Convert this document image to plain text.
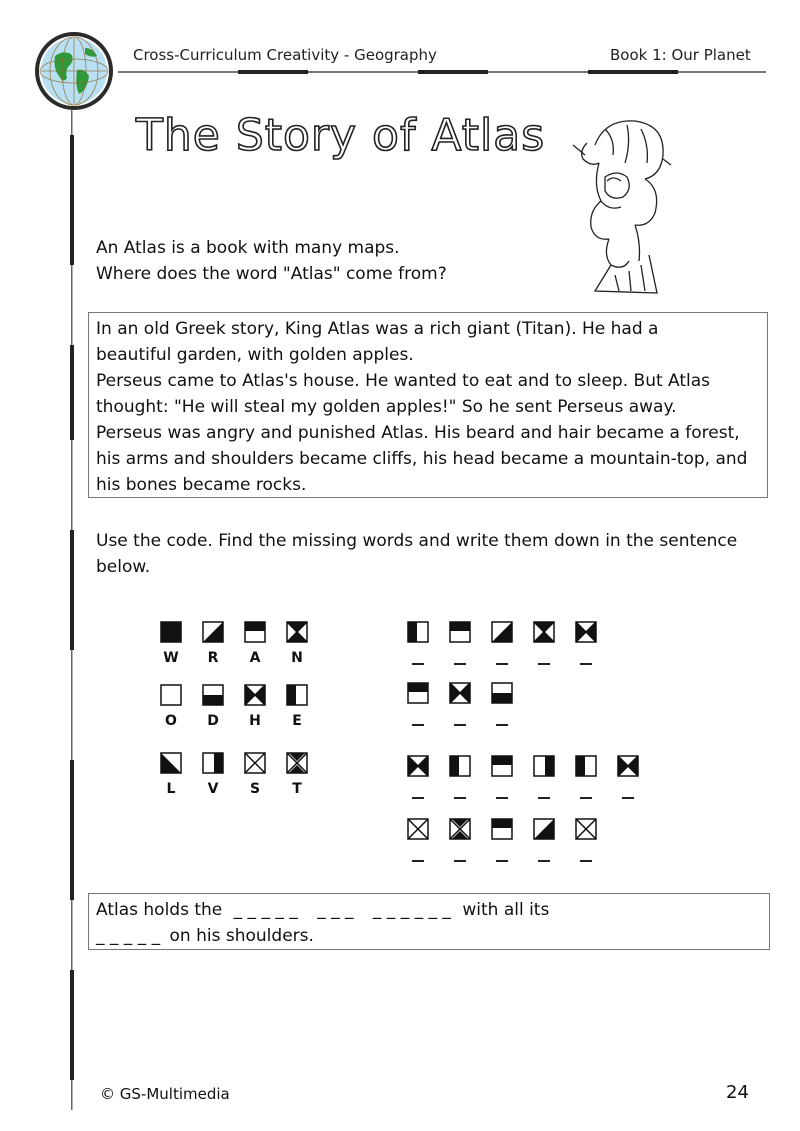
Cross-Curriculum Creativity - Geography	Book 1: Our Planet
The Story of Atlas
An Atlas is a book with many maps.
Where does the word "Atlas" come from?

In an old Greek story, King Atlas was a rich giant (Titan). He had a

beautiful garden, with golden apples.

Perseus came to Atlas's house. He wanted to eat and to sleep. But Atlas

thought: "He will steal my golden apples!" So he sent Perseus away.

Perseus was angry and punished Atlas. His beard and hair became a forest,

his arms and shoulders became cliffs, his head became a mountain-top, and

his bones became rocks.

Use the code. Find the missing words and write them down in the sentence
below.
Atlas holds the _ _ _ _ _ _ _ _ _ _ _ _ _ _ with all its
_ _ _ _ _ on his shoulders.
© GS-Multimedia	24
W	R	A	N
O	D	H	E
L	V	S	T
